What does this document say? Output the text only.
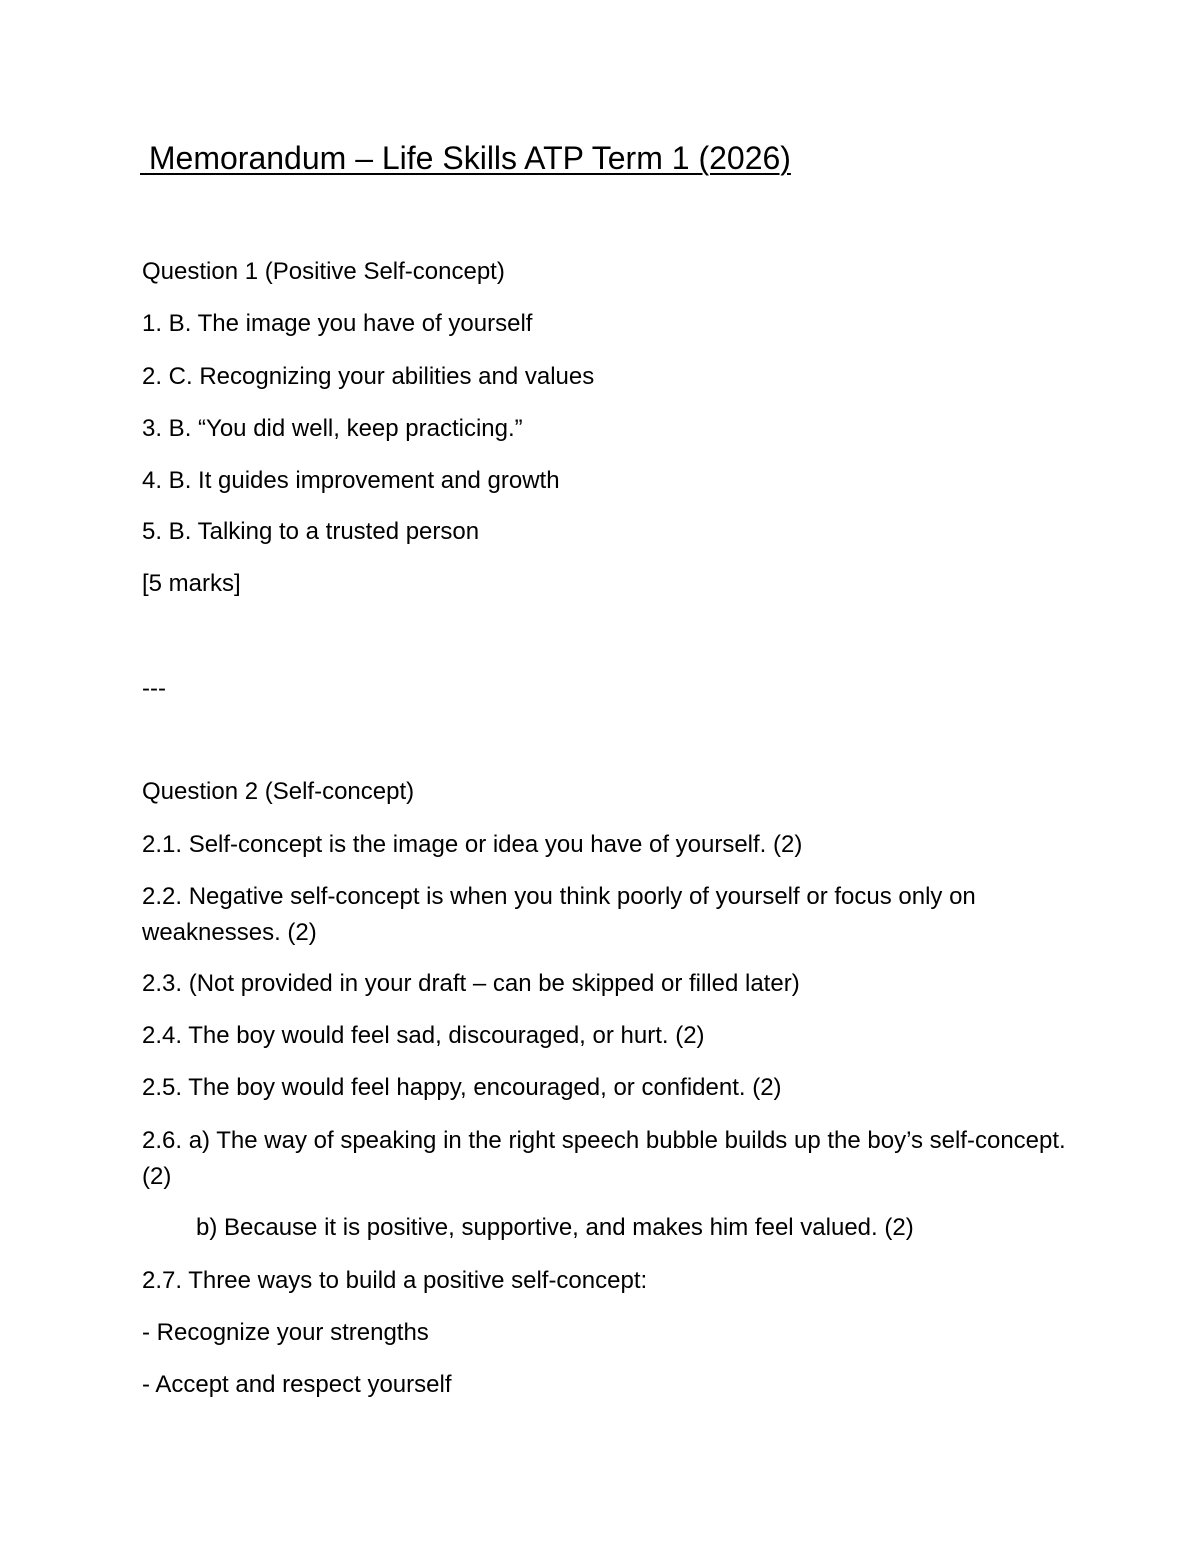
Memorandum – Life Skills ATP Term 1 (2026)

Question 1 (Positive Self-concept)

1. B. The image you have of yourself

2. C. Recognizing your abilities and values

3. B. “You did well, keep practicing.”

4. B. It guides improvement and growth

5. B. Talking to a trusted person

[5 marks]

---

Question 2 (Self-concept)

2.1. Self-concept is the image or idea you have of yourself. (2)

2.2. Negative self-concept is when you think poorly of yourself or focus only on weaknesses. (2)

2.3. (Not provided in your draft – can be skipped or filled later)

2.4. The boy would feel sad, discouraged, or hurt. (2)

2.5. The boy would feel happy, encouraged, or confident. (2)

2.6. a) The way of speaking in the right speech bubble builds up the boy’s self-concept. (2)

b) Because it is positive, supportive, and makes him feel valued. (2)

2.7. Three ways to build a positive self-concept:

- Recognize your strengths

- Accept and respect yourself
